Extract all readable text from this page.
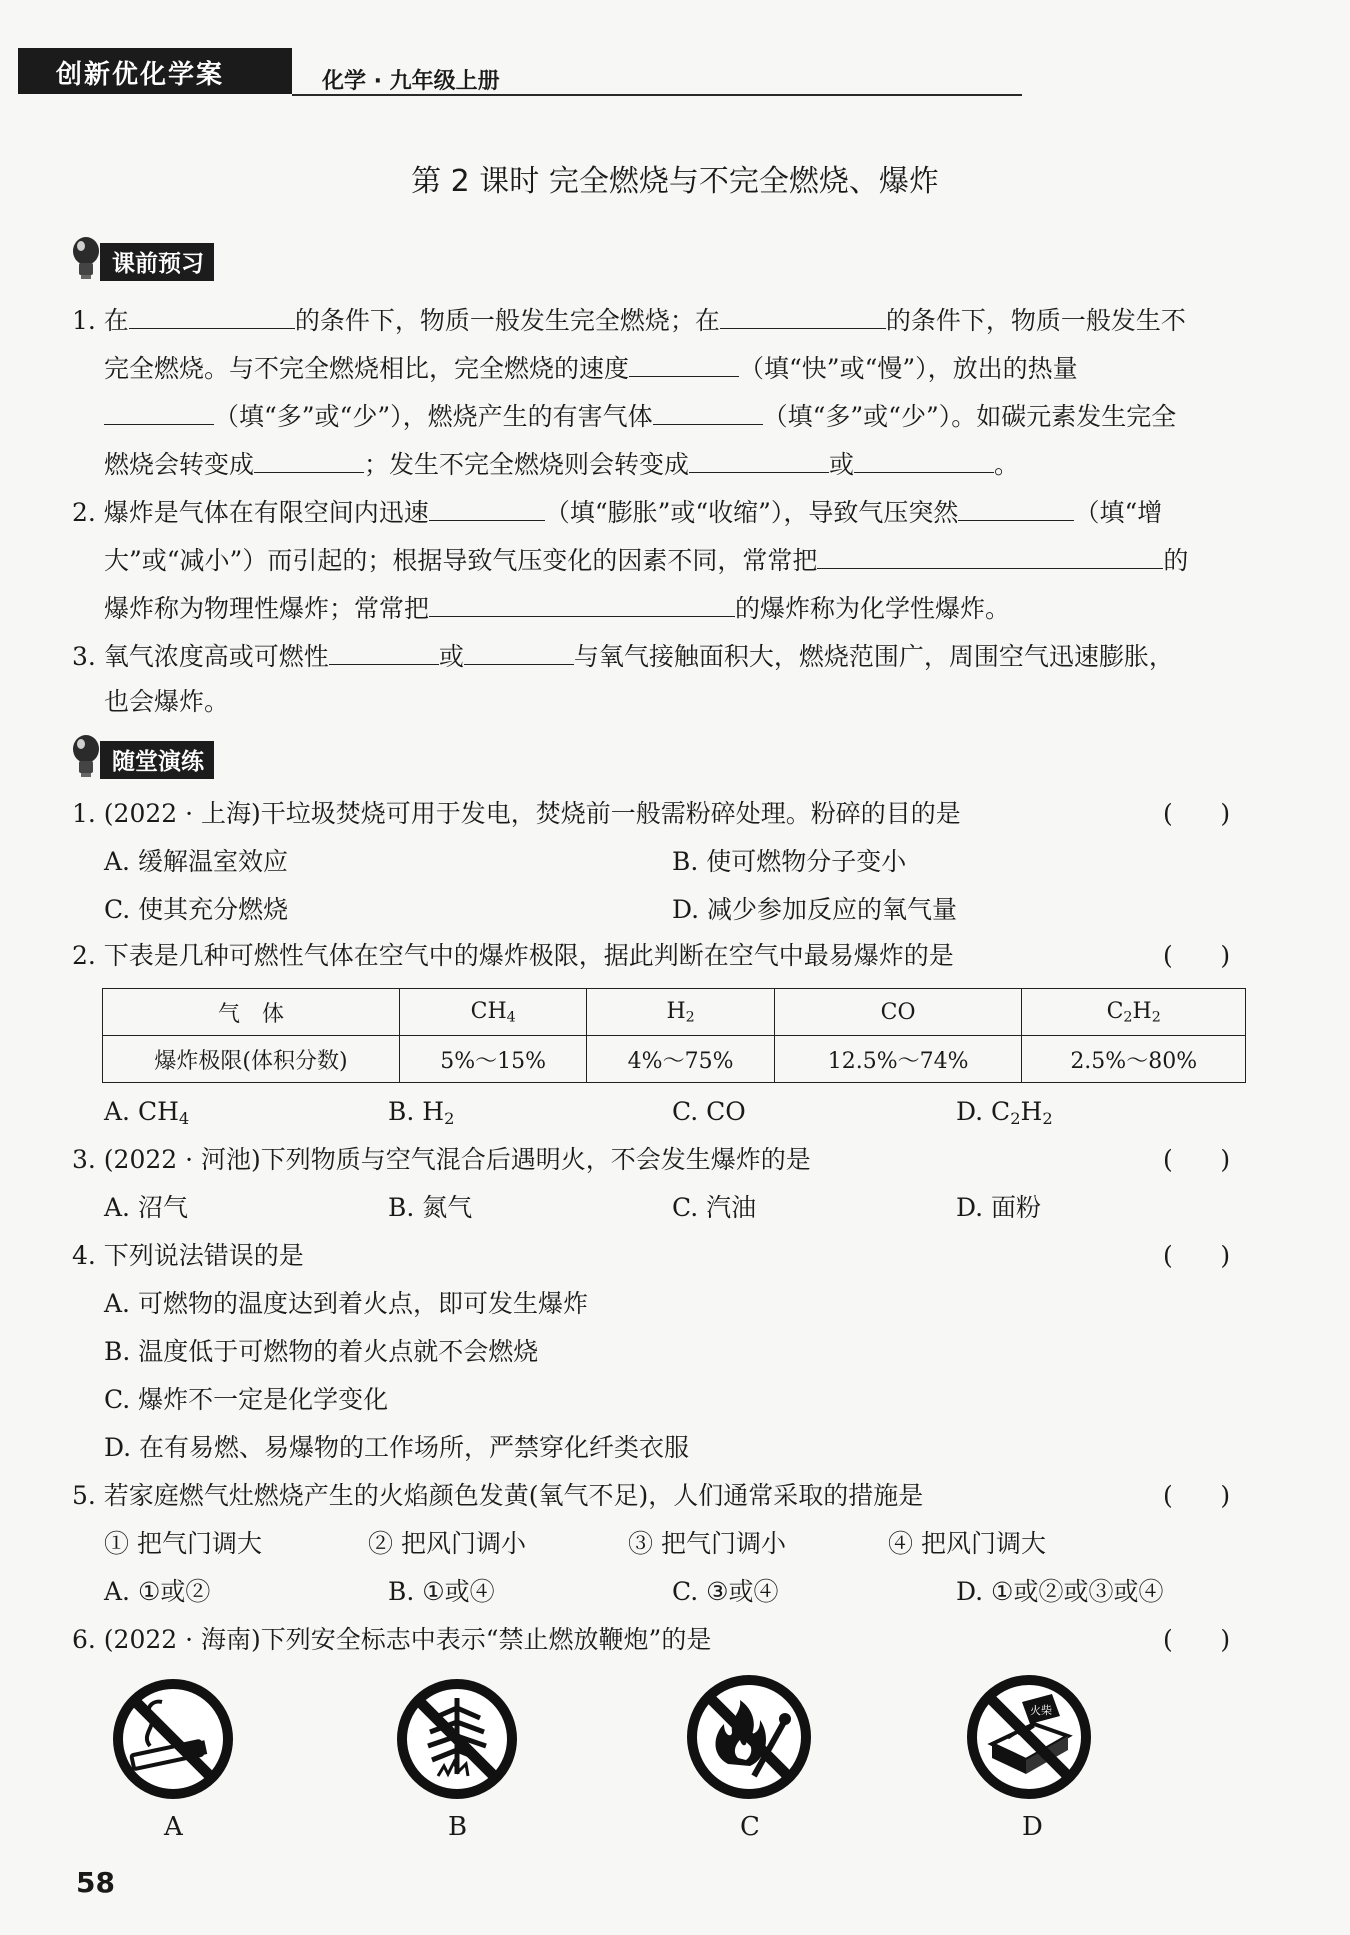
创新优化学案	化学 · 九年级上册
第 2 课时 完全燃烧与不完全燃烧、爆炸
课前预习
1. 在	的条件下，物质一般发生完全燃烧；在	的条件下，物质一般发生不
完全燃烧。与不完全燃烧相比，完全燃烧的速度	（填“快”或“慢”），放出的热量
（填“多”或“少”），燃烧产生的有害气体	（填“多”或“少”）。如碳元素发生完全
燃烧会转变成	；发生不完全燃烧则会转变成	或	。
2. 爆炸是气体在有限空间内迅速	（填“膨胀”或“收缩”），导致气压突然	（填“增
大”或“减小”）而引起的；根据导致气压变化的因素不同，常常把	的
爆炸称为物理性爆炸；常常把	的爆炸称为化学性爆炸。
3. 氧气浓度高或可燃性	或	与氧气接触面积大，燃烧范围广，周围空气迅速膨胀，
也会爆炸。
随堂演练
1. (2022 · 上海)干垃圾焚烧可用于发电，焚烧前一般需粉碎处理。粉碎的目的是	(      )
A. 缓解温室效应	B. 使可燃物分子变小
C. 使其充分燃烧	D. 减少参加反应的氧气量
2. 下表是几种可燃性气体在空气中的爆炸极限，据此判断在空气中最易爆炸的是	(      )
气　体	$CH_4$	$H_2$	CO	$C_2H_2$
爆炸极限(体积分数)	5%～15%	4%～75%	12.5%～74%	2.5%～80%
A. $CH_4$	B. $H_2$	C. CO	D. $C_2H_2$
3. (2022 · 河池)下列物质与空气混合后遇明火，不会发生爆炸的是	(      )
A. 沼气	B. 氮气	C. 汽油	D. 面粉
4. 下列说法错误的是	(      )
A. 可燃物的温度达到着火点，即可发生爆炸
B. 温度低于可燃物的着火点就不会燃烧
C. 爆炸不一定是化学变化
D. 在有易燃、易爆物的工作场所，严禁穿化纤类衣服
5. 若家庭燃气灶燃烧产生的火焰颜色发黄(氧气不足)，人们通常采取的措施是	(      )
① 把气门调大	② 把风门调小	③ 把气门调小	④ 把风门调大
A. ①或②	B. ①或④	C. ③或④	D. ①或②或③或④
6. (2022 · 海南)下列安全标志中表示“禁止燃放鞭炮”的是	(      )
火柴
A	B	C	D
58
